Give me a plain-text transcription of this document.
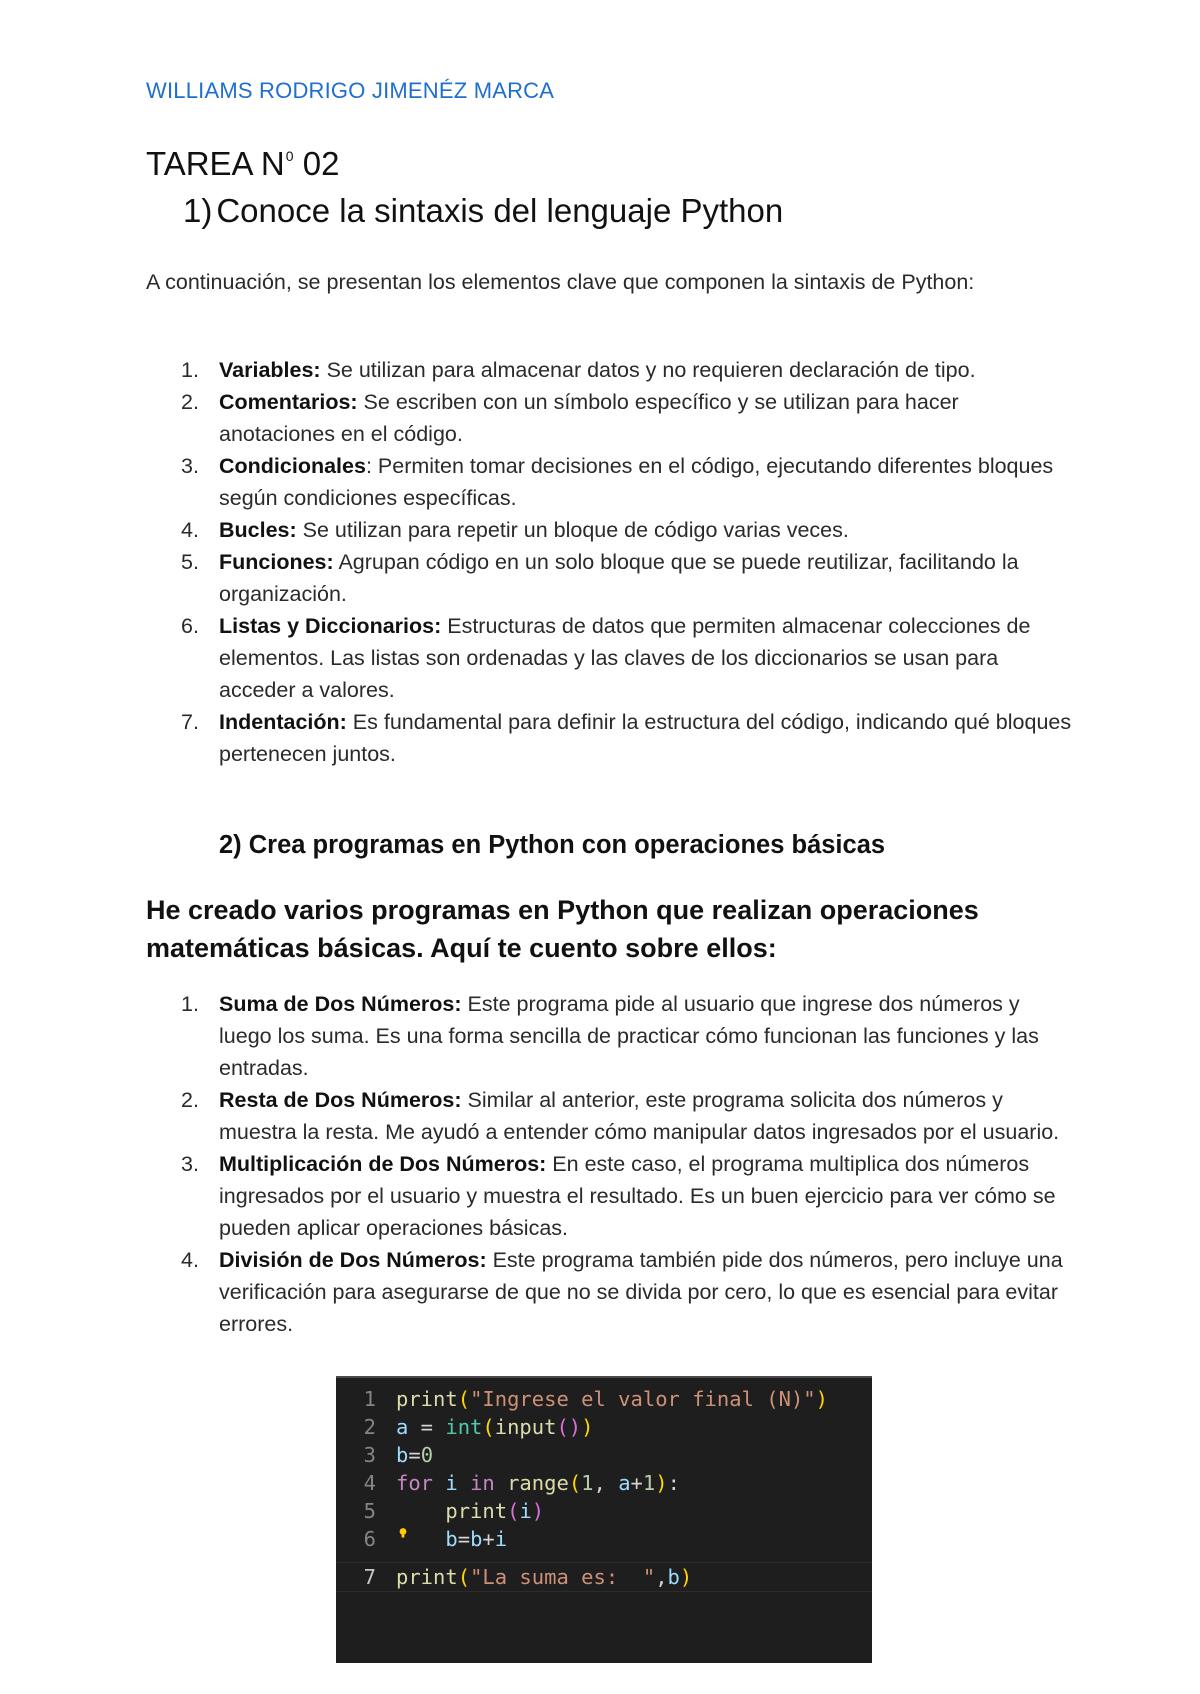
WILLIAMS RODRIGO JIMENÉZ MARCA
TAREA $N^0$ 02
1) Conoce la sintaxis del lenguaje Python
A continuación, se presentan los elementos clave que componen la sintaxis de Python:
1. Variables: Se utilizan para almacenar datos y no requieren declaración de tipo.
2. Comentarios: Se escriben con un símbolo específico y se utilizan para hacer anotaciones en el código.
3. Condicionales: Permiten tomar decisiones en el código, ejecutando diferentes bloques según condiciones específicas.
4. Bucles: Se utilizan para repetir un bloque de código varias veces.
5. Funciones: Agrupan código en un solo bloque que se puede reutilizar, facilitando la organización.
6. Listas y Diccionarios: Estructuras de datos que permiten almacenar colecciones de elementos. Las listas son ordenadas y las claves de los diccionarios se usan para acceder a valores.
7. Indentación: Es fundamental para definir la estructura del código, indicando qué bloques pertenecen juntos.
2) Crea programas en Python con operaciones básicas
He creado varios programas en Python que realizan operaciones matemáticas básicas. Aquí te cuento sobre ellos:
1. Suma de Dos Números: Este programa pide al usuario que ingrese dos números y luego los suma. Es una forma sencilla de practicar cómo funcionan las funciones y las entradas.
2. Resta de Dos Números: Similar al anterior, este programa solicita dos números y muestra la resta. Me ayudó a entender cómo manipular datos ingresados por el usuario.
3. Multiplicación de Dos Números: En este caso, el programa multiplica dos números ingresados por el usuario y muestra el resultado. Es un buen ejercicio para ver cómo se pueden aplicar operaciones básicas.
4. División de Dos Números: Este programa también pide dos números, pero incluye una verificación para asegurarse de que no se divida por cero, lo que es esencial para evitar errores.
1 print("Ingrese el valor final (N)")
2 a = int(input())
3 b=0
4 for i in range(1, a+1):
5	print(i)
6	b=b+i
7 print("La suma es:  ",b)
